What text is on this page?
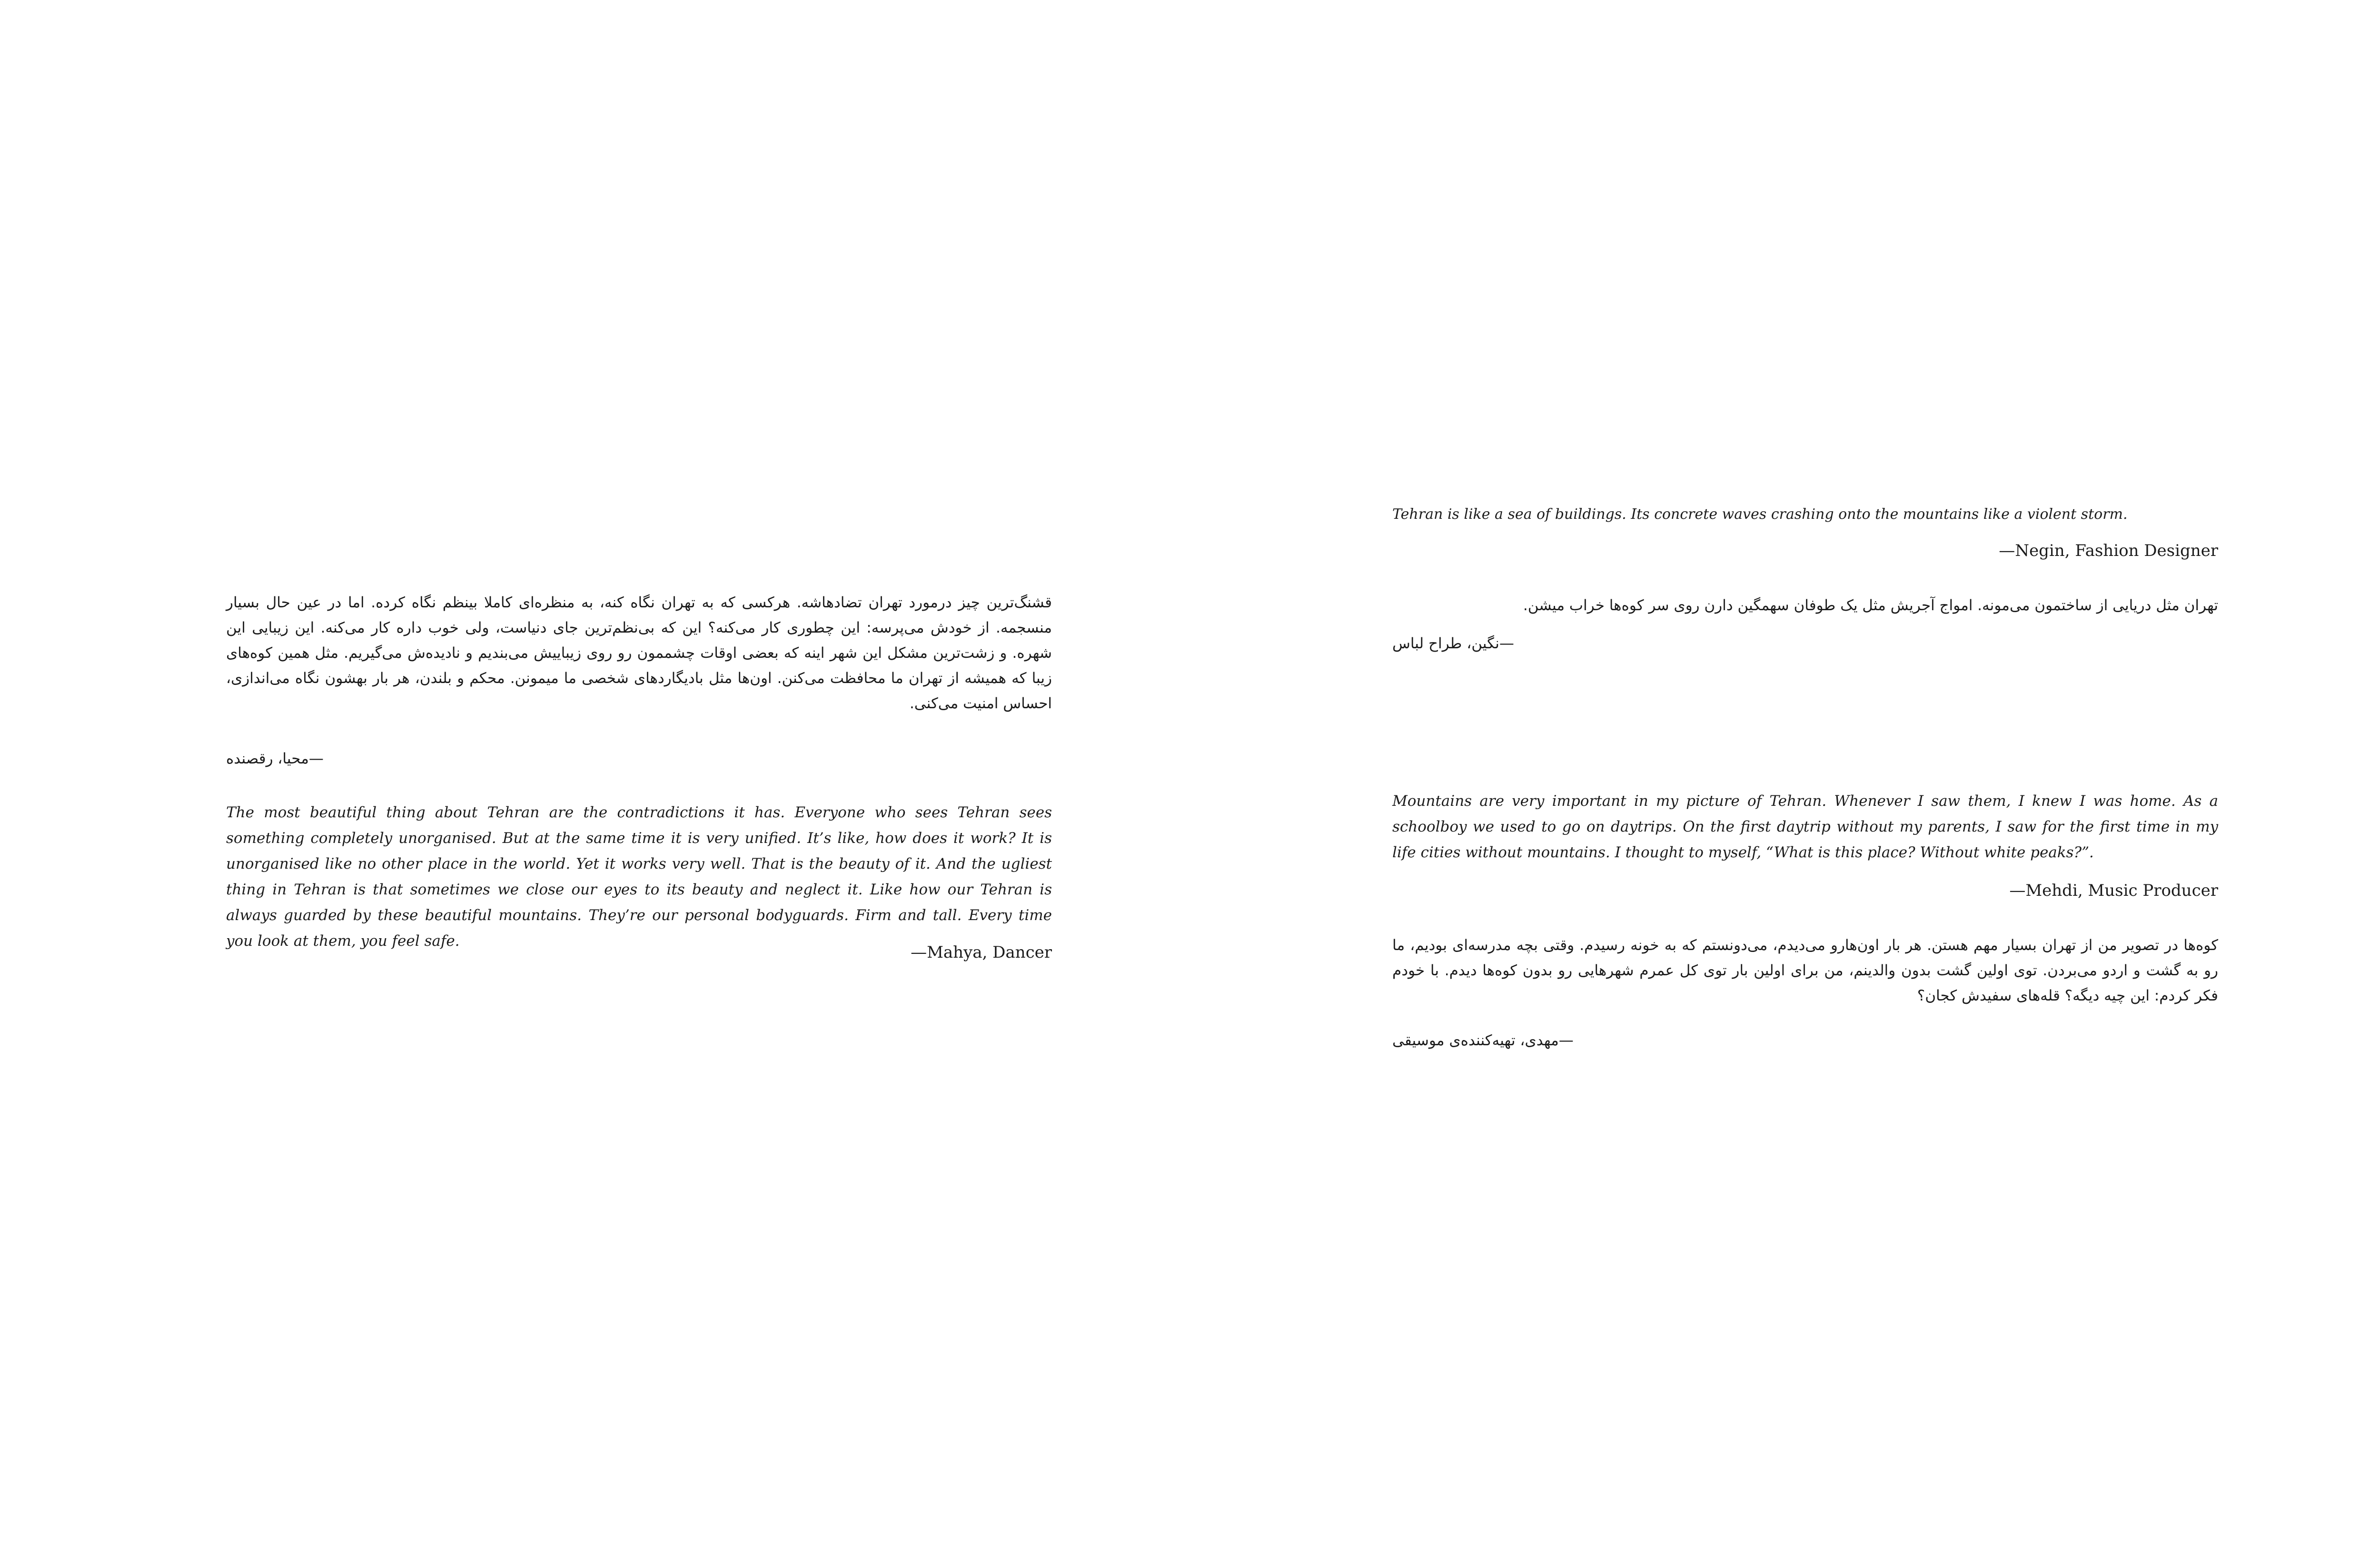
قشنگ‌ترین چیز درمورد تهران تضادهاشه. هرکسی که به تهران نگاه کنه، به منظره‌ای کاملا بینظم نگاه کرده. اما در عین حال بسیار منسجمه. از خودش می‌پرسه: این چطوری کار می‌کنه؟ این که بی‌نظم‌ترین جای دنیاست، ولی خوب داره کار می‌کنه. این زیبایی این شهره. و زشت‌ترین مشکل این شهر اینه که بعضی اوقات چشممون رو روی زیباییش می‌بندیم و نادیده‌ش می‌گیریم. مثل همین کوه‌های زیبا که همیشه از تهران ما محافظت می‌کنن. اون‌ها مثل بادیگاردهای شخصی ما میمونن. محکم و بلندن، هر بار بهشون نگاه می‌اندازی، احساس امنیت می‌کنی.

—محیا، رقصنده

The most beautiful thing about Tehran are the contradictions it has. Everyone who sees Tehran sees something completely unorganised. But at the same time it is very unified. It’s like, how does it work? It is unorganised like no other place in the world. Yet it works very well. That is the beauty of it. And the ugliest thing in Tehran is that sometimes we close our eyes to its beauty and neglect it. Like how our Tehran is always guarded by these beautiful mountains. They’re our personal bodyguards. Firm and tall. Every time you look at them, you feel safe.

—Mahya, Dancer

Tehran is like a sea of buildings. Its concrete waves crashing onto the mountains like a violent storm.

—Negin, Fashion Designer

تهران مثل دریایی از ساختمون می‌مونه. امواج آجریش مثل یک طوفان سهمگین دارن روی سر کوه‌ها خراب میشن.

—نگین، طراح لباس

Mountains are very important in my picture of Tehran. Whenever I saw them, I knew I was home. As a schoolboy we used to go on daytrips. On the first daytrip without my parents, I saw for the first time in my life cities without mountains. I thought to myself, “What is this place? Without white peaks?”.

—Mehdi, Music Producer

کوه‌ها در تصویر من از تهران بسیار مهم هستن. هر بار اون‌هارو می‌دیدم، می‌دونستم که به خونه رسیدم. وقتی بچه مدرسه‌ای بودیم، ما رو به گشت و اردو می‌بردن. توی اولین گشت بدون والدینم، من برای اولین بار توی کل عمرم شهرهایی رو بدون کوه‌ها دیدم. با خودم فکر کردم: این چیه دیگه؟ قله‌های سفیدش کجان؟

—مهدی، تهیه‌کننده‌ی موسیقی
